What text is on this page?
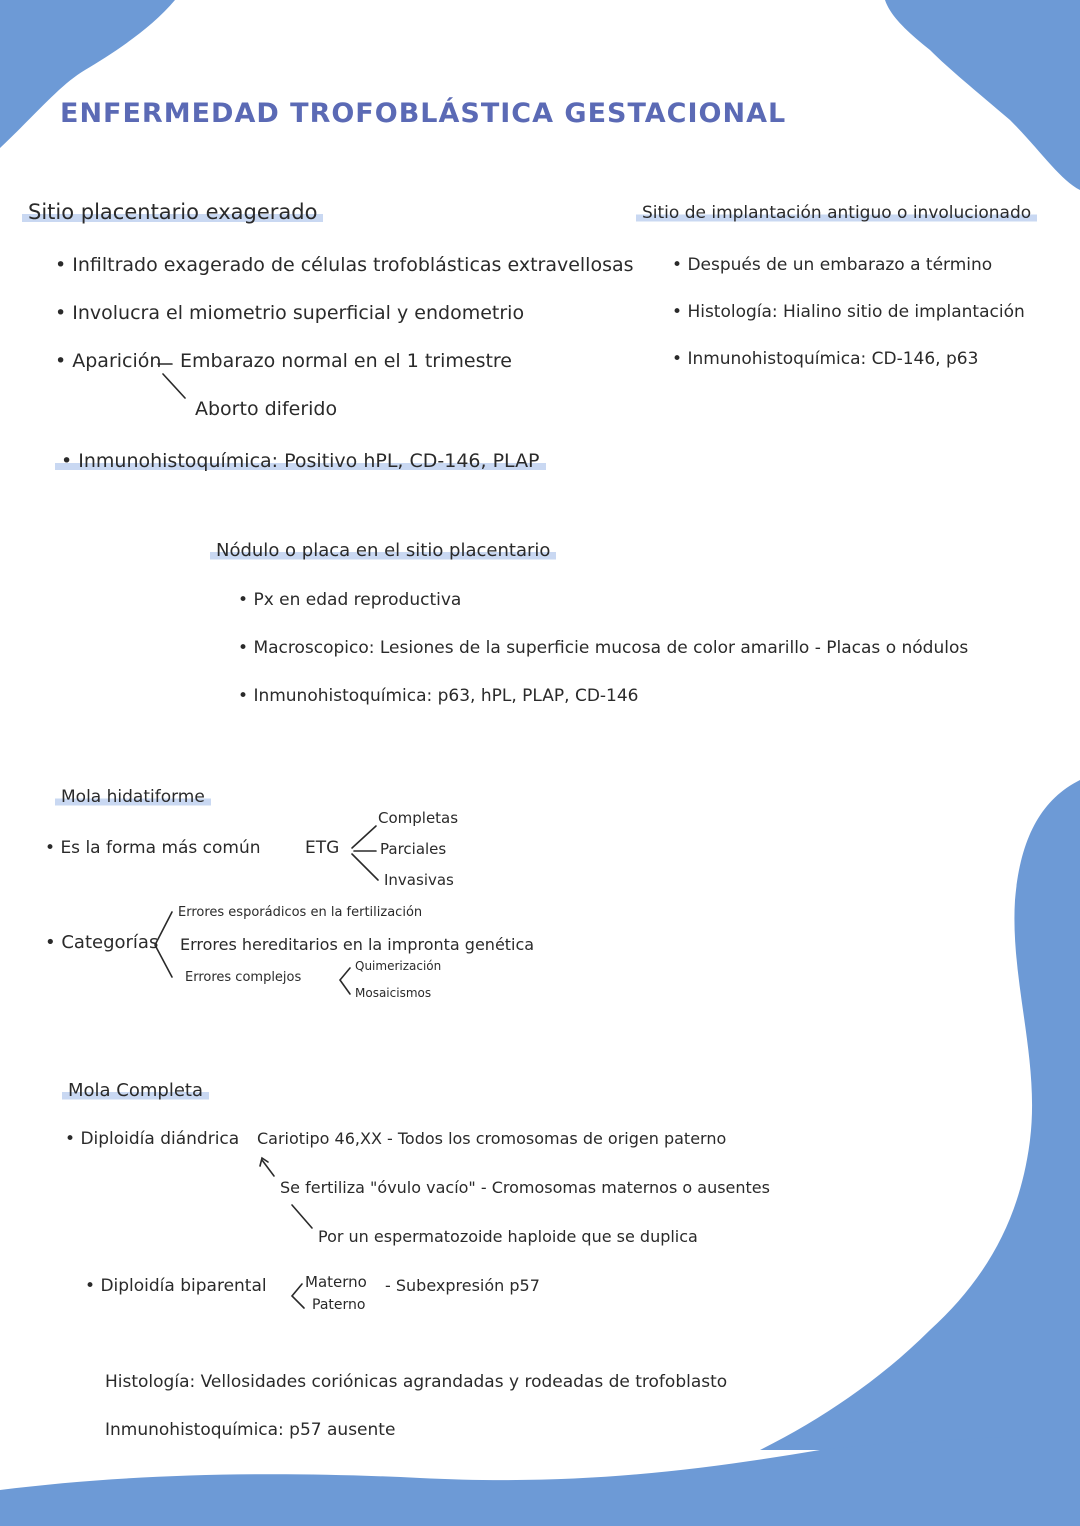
ENFERMEDAD TROFOBLÁSTICA GESTACIONAL
Sitio placentario exagerado
• Infiltrado exagerado de células trofoblásticas extravellosas
• Involucra el miometrio superficial y endometrio
• Aparición Embarazo normal en el 1 trimestre
Aborto diferido
• Inmunohistoquímica: Positivo hPL, CD-146, PLAP
Sitio de implantación antiguo o involucionado
• Después de un embarazo a término
• Histología: Hialino sitio de implantación
• Inmunohistoquímica: CD-146, p63
Nódulo o placa en el sitio placentario
• Px en edad reproductiva
• Macroscopico: Lesiones de la superficie mucosa de color amarillo - Placas o nódulos
• Inmunohistoquímica: p63, hPL, PLAP, CD-146
Mola hidatiforme
• Es la forma más común	ETG
Completas
Parciales
Invasivas
• Categorías
Errores esporádicos en la fertilización
Errores hereditarios en la impronta genética
Errores complejos
Quimerización
Mosaicismos
Mola Completa
• Diploidía diándrica Cariotipo 46,XX - Todos los cromosomas de origen paterno
Se fertiliza "óvulo vacío" - Cromosomas maternos o ausentes
Por un espermatozoide haploide que se duplica
• Diploidía biparental	Materno
Paterno
- Subexpresión p57
Histología: Vellosidades coriónicas agrandadas y rodeadas de trofoblasto
Inmunohistoquímica: p57 ausente
